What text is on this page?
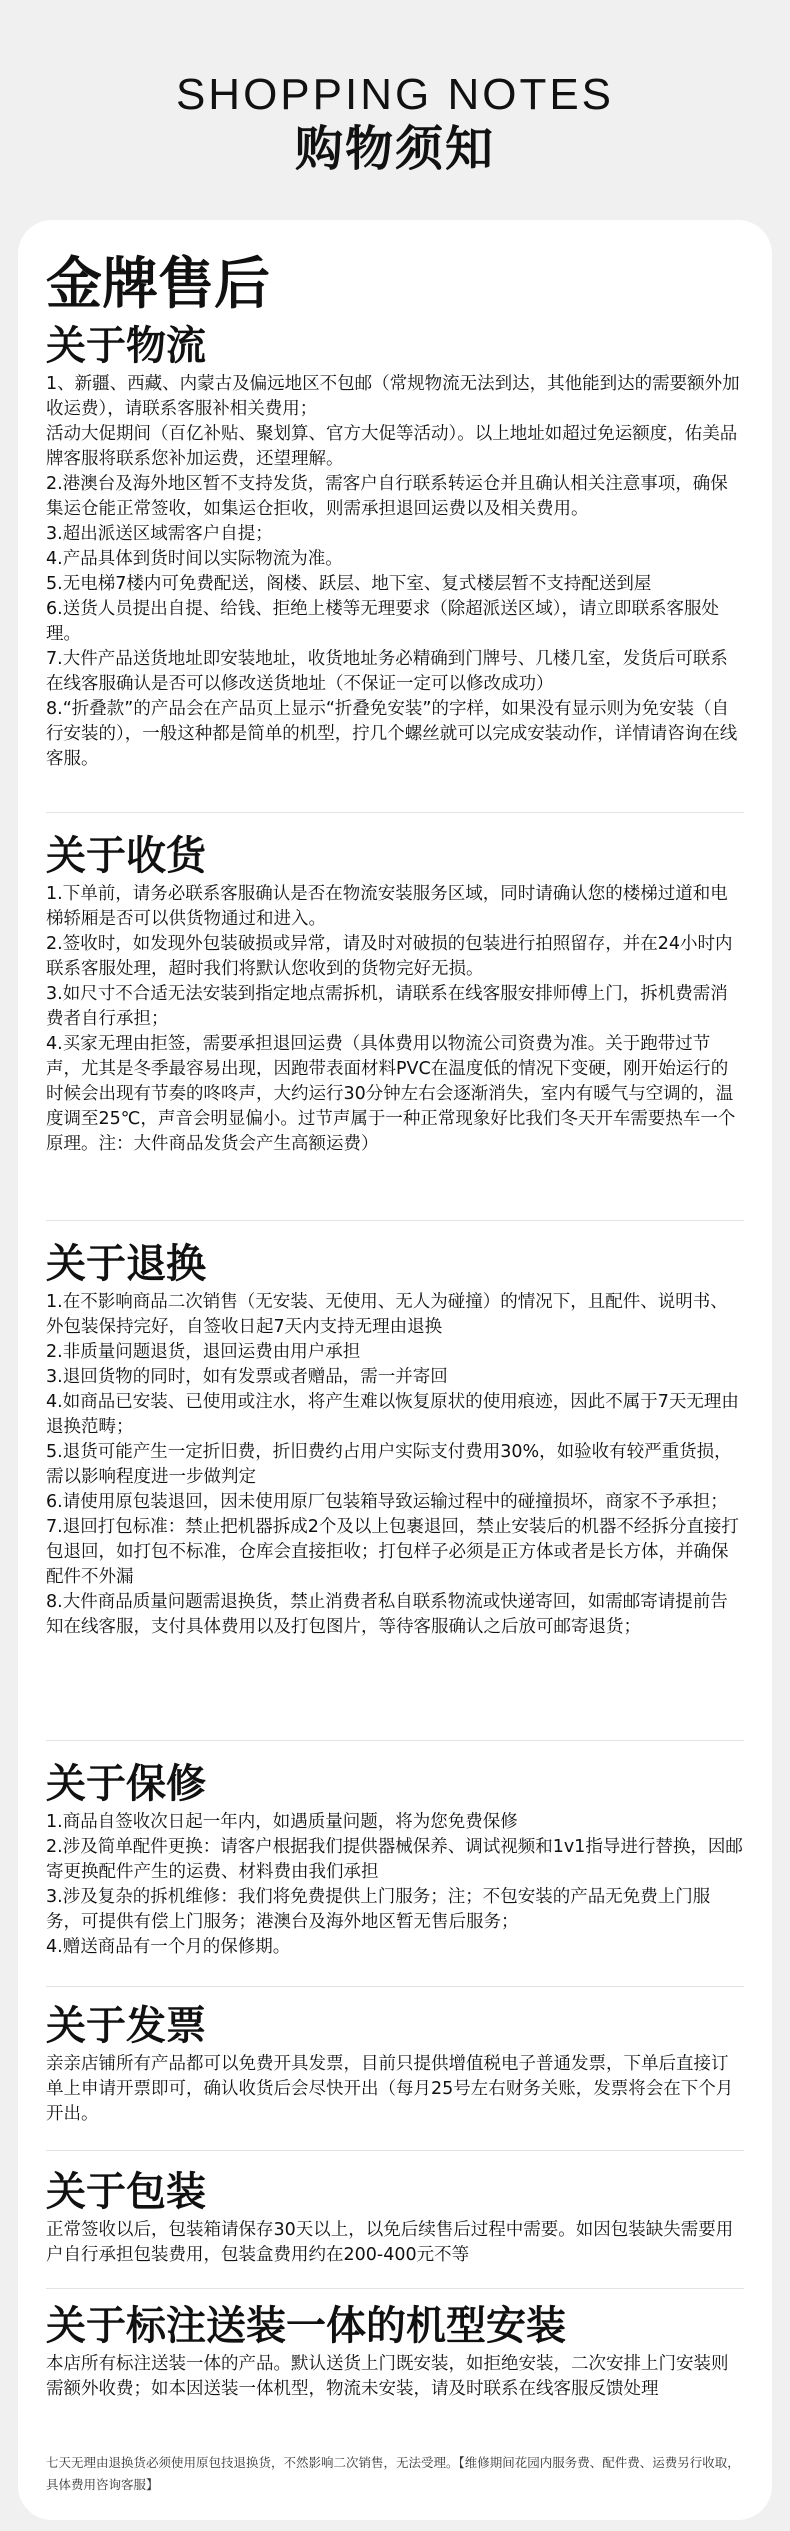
SHOPPING NOTES
购物须知
金牌售后
关于物流

1、新疆、西藏、内蒙古及偏远地区不包邮（常规物流无法到达，其他能到达的需要额外加收运费），请联系客服补相关费用；

活动大促期间（百亿补贴、聚划算、官方大促等活动）。以上地址如超过免运额度，佑美品牌客服将联系您补加运费，还望理解。

2.港澳台及海外地区暂不支持发货，需客户自行联系转运仓并且确认相关注意事项，确保集运仓能正常签收，如集运仓拒收，则需承担退回运费以及相关费用。

3.超出派送区域需客户自提；

4.产品具体到货时间以实际物流为准。

5.无电梯7楼内可免费配送，阁楼、跃层、地下室、复式楼层暂不支持配送到屋

6.送货人员提出自提、给钱、拒绝上楼等无理要求（除超派送区域），请立即联系客服处理。

7.大件产品送货地址即安装地址，收货地址务必精确到门牌号、几楼几室，发货后可联系在线客服确认是否可以修改送货地址（不保证一定可以修改成功）

8.“折叠款”的产品会在产品页上显示“折叠免安装”的字样，如果没有显示则为免安装（自行安装的），一般这种都是简单的机型，拧几个螺丝就可以完成安装动作，详情请咨询在线客服。

关于收货

1.下单前，请务必联系客服确认是否在物流安装服务区域，同时请确认您的楼梯过道和电梯轿厢是否可以供货物通过和进入。

2.签收时，如发现外包装破损或异常，请及时对破损的包装进行拍照留存，并在24小时内联系客服处理，超时我们将默认您收到的货物完好无损。

3.如尺寸不合适无法安装到指定地点需拆机，请联系在线客服安排师傅上门，拆机费需消费者自行承担；

4.买家无理由拒签，需要承担退回运费（具体费用以物流公司资费为准。关于跑带过节声，尤其是冬季最容易出现，因跑带表面材料PVC在温度低的情况下变硬，刚开始运行的时候会出现有节奏的咚咚声，大约运行30分钟左右会逐渐消失，室内有暖气与空调的，温度调至25℃，声音会明显偏小。过节声属于一种正常现象好比我们冬天开车需要热车一个原理。注：大件商品发货会产生高额运费）

关于退换

1.在不影响商品二次销售（无安装、无使用、无人为碰撞）的情况下，且配件、说明书、外包装保持完好，自签收日起7天内支持无理由退换

2.非质量问题退货，退回运费由用户承担

3.退回货物的同时，如有发票或者赠品，需一并寄回

4.如商品已安装、已使用或注水，将产生难以恢复原状的使用痕迹，因此不属于7天无理由退换范畴；

5.退货可能产生一定折旧费，折旧费约占用户实际支付费用30%，如验收有较严重货损，需以影响程度进一步做判定

6.请使用原包装退回，因未使用原厂包装箱导致运输过程中的碰撞损坏，商家不予承担；

7.退回打包标准：禁止把机器拆成2个及以上包裹退回，禁止安装后的机器不经拆分直接打包退回，如打包不标准，仓库会直接拒收；打包样子必须是正方体或者是长方体，并确保配件不外漏

8.大件商品质量问题需退换货，禁止消费者私自联系物流或快递寄回，如需邮寄请提前告知在线客服，支付具体费用以及打包图片，等待客服确认之后放可邮寄退货；

关于保修

1.商品自签收次日起一年内，如遇质量问题，将为您免费保修

2.涉及简单配件更换：请客户根据我们提供器械保养、调试视频和1v1指导进行替换，因邮寄更换配件产生的运费、材料费由我们承担

3.涉及复杂的拆机维修：我们将免费提供上门服务；注；不包安装的产品无免费上门服务，可提供有偿上门服务；港澳台及海外地区暂无售后服务；

4.赠送商品有一个月的保修期。

关于发票

亲亲店铺所有产品都可以免费开具发票，目前只提供增值税电子普通发票，下单后直接订单上申请开票即可，确认收货后会尽快开出（每月25号左右财务关账，发票将会在下个月开出。

关于包装

正常签收以后，包装箱请保存30天以上，以免后续售后过程中需要。如因包装缺失需要用户自行承担包装费用，包装盒费用约在200-400元不等

关于标注送装一体的机型安装

本店所有标注送装一体的产品。默认送货上门既安装，如拒绝安装，二次安排上门安装则需额外收费；如本因送装一体机型，物流未安装，请及时联系在线客服反馈处理

七天无理由退换货必须使用原包技退换货，不然影响二次销售，无法受理。【维修期间花园内服务费、配件费、运费另行收取，具体费用咨询客服】
